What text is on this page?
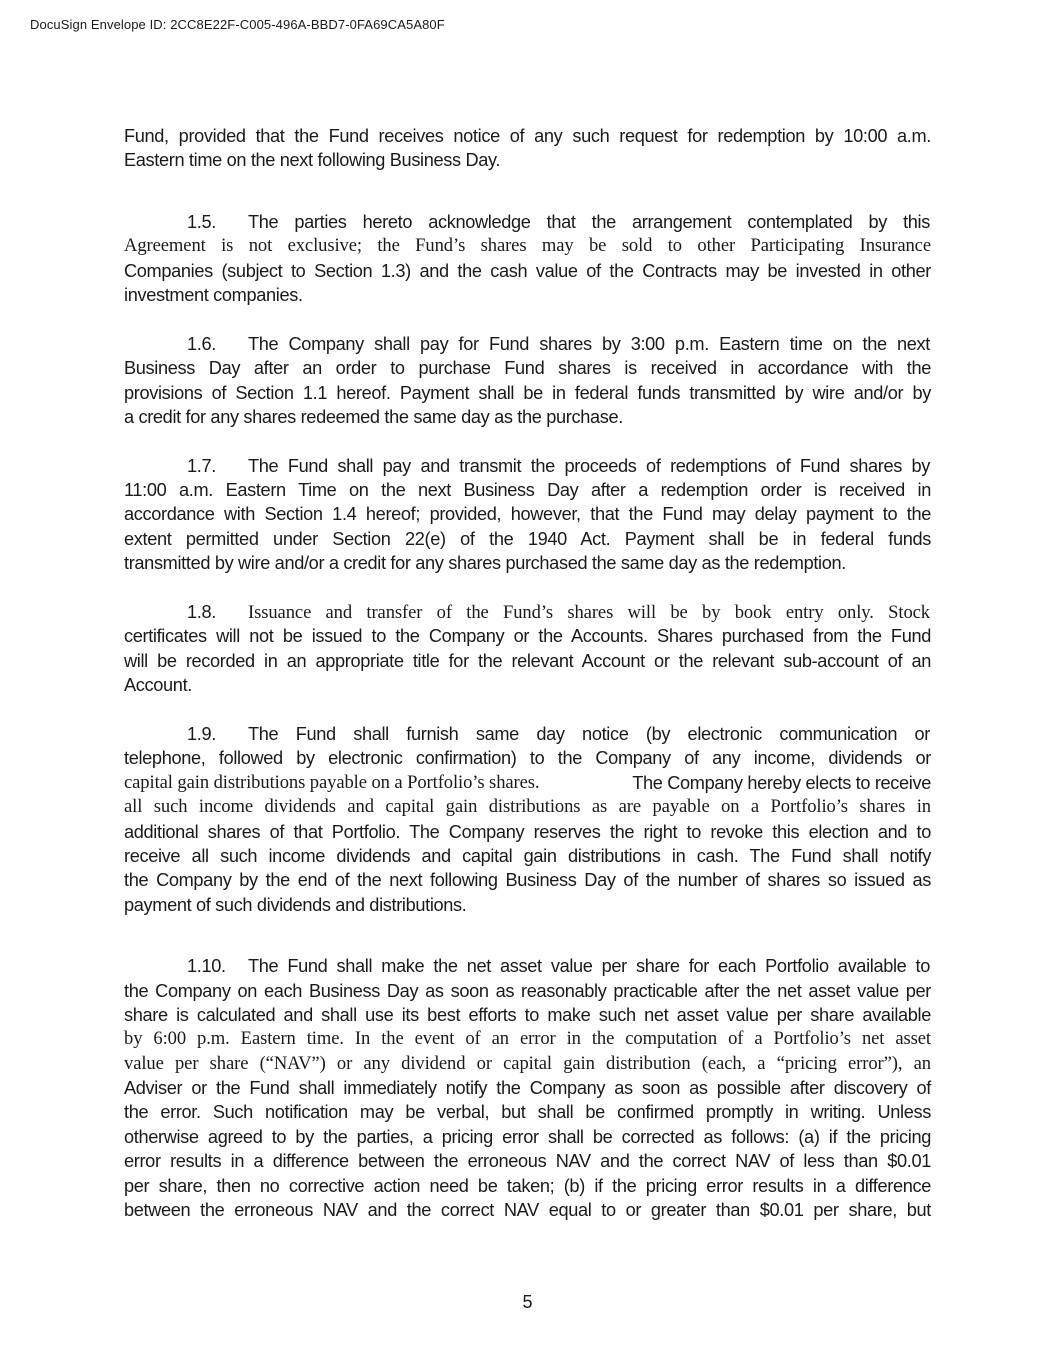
DocuSign Envelope ID: 2CC8E22F-C005-496A-BBD7-0FA69CA5A80F
Fund, provided that the Fund receives notice of any such request for redemption by 10:00 a.m.
Eastern time on the next following Business Day.
1.5. The parties hereto acknowledge that the arrangement contemplated by this
Agreement is not exclusive; the Fund’s shares may be sold to other Participating Insurance
Companies (subject to Section 1.3) and the cash value of the Contracts may be invested in other
investment companies.
1.6. The Company shall pay for Fund shares by 3:00 p.m. Eastern time on the next
Business Day after an order to purchase Fund shares is received in accordance with the
provisions of Section 1.1 hereof. Payment shall be in federal funds transmitted by wire and/or by
a credit for any shares redeemed the same day as the purchase.
1.7. The Fund shall pay and transmit the proceeds of redemptions of Fund shares by
11:00 a.m. Eastern Time on the next Business Day after a redemption order is received in
accordance with Section 1.4 hereof; provided, however, that the Fund may delay payment to the
extent permitted under Section 22(e) of the 1940 Act. Payment shall be in federal funds
transmitted by wire and/or a credit for any shares purchased the same day as the redemption.
1.8. Issuance and transfer of the Fund’s shares will be by book entry only. Stock
certificates will not be issued to the Company or the Accounts. Shares purchased from the Fund
will be recorded in an appropriate title for the relevant Account or the relevant sub-account of an
Account.
1.9. The Fund shall furnish same day notice (by electronic communication or
telephone, followed by electronic confirmation) to the Company of any income, dividends or
capital gain distributions payable on a Portfolio’s shares.	The Company hereby elects to receive
all such income dividends and capital gain distributions as are payable on a Portfolio’s shares in
additional shares of that Portfolio. The Company reserves the right to revoke this election and to
receive all such income dividends and capital gain distributions in cash. The Fund shall notify
the Company by the end of the next following Business Day of the number of shares so issued as
payment of such dividends and distributions.
1.10. The Fund shall make the net asset value per share for each Portfolio available to
the Company on each Business Day as soon as reasonably practicable after the net asset value per
share is calculated and shall use its best efforts to make such net asset value per share available
by 6:00 p.m. Eastern time. In the event of an error in the computation of a Portfolio’s net asset
value per share (“NAV”) or any dividend or capital gain distribution (each, a “pricing error”), an
Adviser or the Fund shall immediately notify the Company as soon as possible after discovery of
the error. Such notification may be verbal, but shall be confirmed promptly in writing. Unless
otherwise agreed to by the parties, a pricing error shall be corrected as follows: (a) if the pricing
error results in a difference between the erroneous NAV and the correct NAV of less than $0.01
per share, then no corrective action need be taken; (b) if the pricing error results in a difference
between the erroneous NAV and the correct NAV equal to or greater than $0.01 per share, but
5
